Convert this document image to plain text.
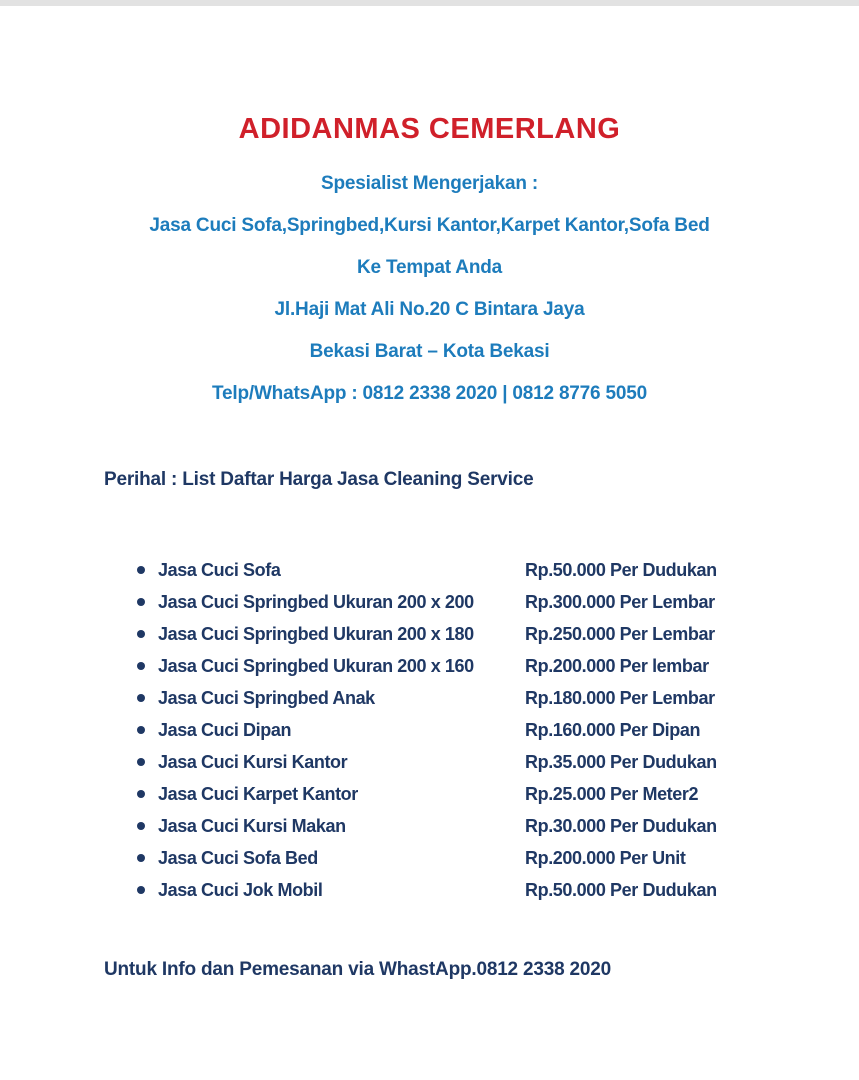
ADIDANMAS CEMERLANG

Spesialist Mengerjakan :

Jasa Cuci Sofa,Springbed,Kursi Kantor,Karpet Kantor,Sofa Bed

Ke Tempat Anda

Jl.Haji Mat Ali No.20 C Bintara Jaya

Bekasi Barat – Kota Bekasi

Telp/WhatsApp : 0812 2338 2020 | 0812 8776 5050

Perihal : List Daftar Harga Jasa Cleaning Service

Jasa Cuci Sofa	Rp.50.000 Per Dudukan
Jasa Cuci Springbed Ukuran 200 x 200	Rp.300.000 Per Lembar
Jasa Cuci Springbed Ukuran 200 x 180	Rp.250.000 Per Lembar
Jasa Cuci Springbed Ukuran 200 x 160	Rp.200.000 Per lembar
Jasa Cuci Springbed Anak	Rp.180.000 Per Lembar
Jasa Cuci Dipan	Rp.160.000 Per Dipan
Jasa Cuci Kursi Kantor	Rp.35.000 Per Dudukan
Jasa Cuci Karpet Kantor	Rp.25.000 Per Meter2
Jasa Cuci Kursi Makan	Rp.30.000 Per Dudukan
Jasa Cuci Sofa Bed	Rp.200.000 Per Unit
Jasa Cuci Jok Mobil	Rp.50.000 Per Dudukan

Untuk Info dan Pemesanan via WhastApp.0812 2338 2020
